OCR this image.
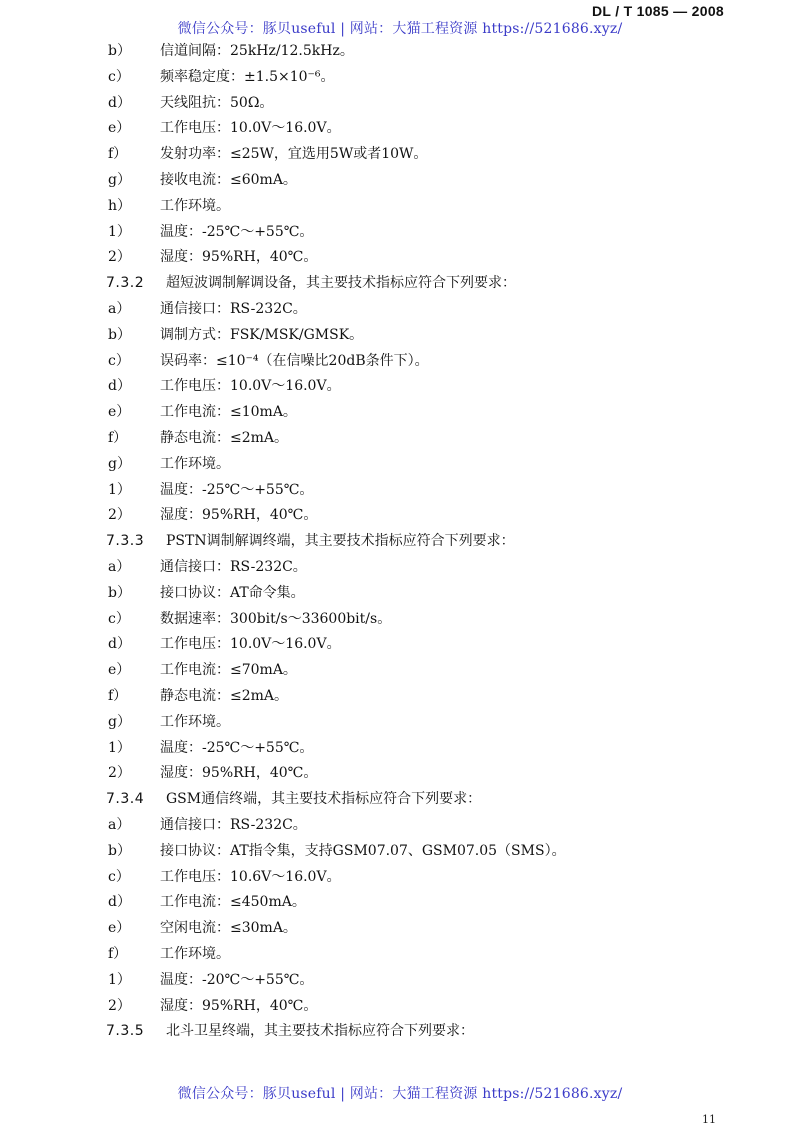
DL / T 1085 — 2008
微信公众号：豚贝useful | 网站：大猫工程资源 https://521686.xyz/
b） 信道间隔：25kHz/12.5kHz。
c） 频率稳定度：±1.5×10⁻⁶。
d） 天线阻抗：50Ω。
e） 工作电压：10.0V～16.0V。
f） 发射功率：≤25W，宜选用5W或者10W。
g） 接收电流：≤60mA。
h） 工作环境。
1） 温度：-25℃～+55℃。
2） 湿度：95%RH，40℃。
7.3.2 超短波调制解调设备，其主要技术指标应符合下列要求：
a） 通信接口：RS-232C。
b） 调制方式：FSK/MSK/GMSK。
c） 误码率：≤10⁻⁴（在信噪比20dB条件下）。
d） 工作电压：10.0V～16.0V。
e） 工作电流：≤10mA。
f） 静态电流：≤2mA。
g） 工作环境。
1） 温度：-25℃～+55℃。
2） 湿度：95%RH，40℃。
7.3.3 PSTN调制解调终端，其主要技术指标应符合下列要求：
a） 通信接口：RS-232C。
b） 接口协议：AT命令集。
c） 数据速率：300bit/s～33600bit/s。
d） 工作电压：10.0V～16.0V。
e） 工作电流：≤70mA。
f） 静态电流：≤2mA。
g） 工作环境。
1） 温度：-25℃～+55℃。
2） 湿度：95%RH，40℃。
7.3.4 GSM通信终端，其主要技术指标应符合下列要求：
a） 通信接口：RS-232C。
b） 接口协议：AT指令集，支持GSM07.07、GSM07.05（SMS）。
c） 工作电压：10.6V～16.0V。
d） 工作电流：≤450mA。
e） 空闲电流：≤30mA。
f） 工作环境。
1） 温度：-20℃～+55℃。
2） 湿度：95%RH，40℃。
7.3.5 北斗卫星终端，其主要技术指标应符合下列要求：
微信公众号：豚贝useful | 网站：大猫工程资源 https://521686.xyz/
11
